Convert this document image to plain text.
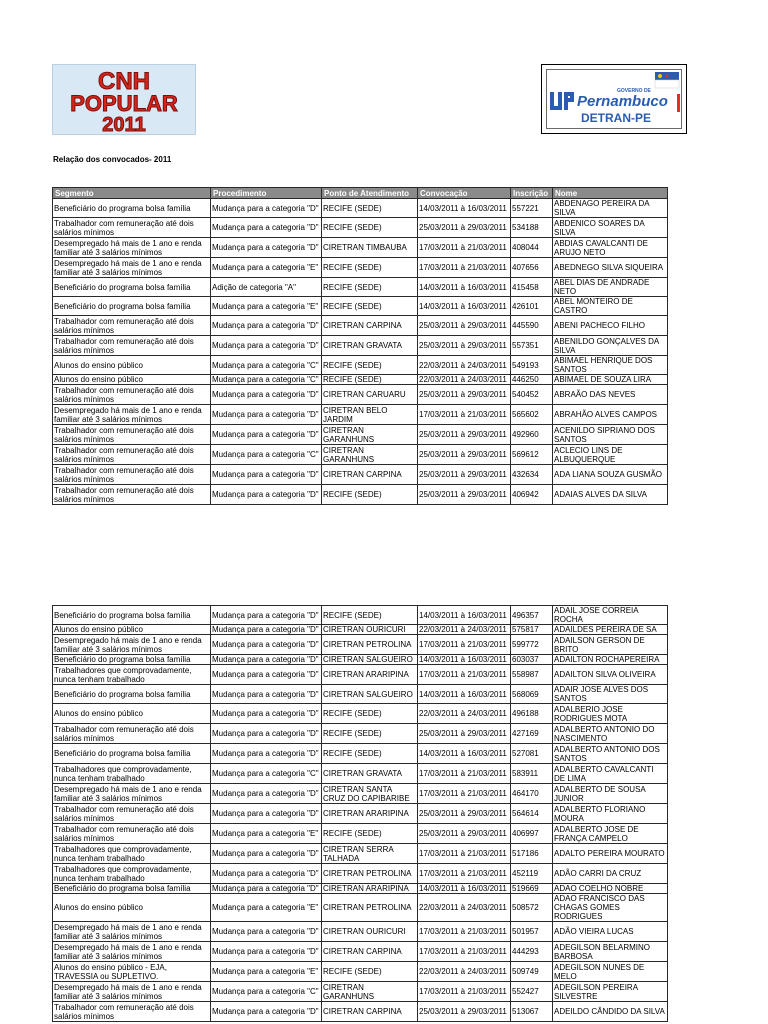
CNH
POPULAR
2011
GOVERNO DE
Pernambuco
DETRAN-PE
Relação dos convocados- 2011
Segmento	Procedimento	Ponto de Atendimento	Convocação	Inscrição	Nome
Beneficiário do programa bolsa família	Mudança para a categoria "D"	RECIFE (SEDE)	14/03/2011 à 16/03/2011	557221	ABDENAGO PEREIRA DA SILVA
Trabalhador com remuneração até dois salários mínimos	Mudança para a categoria "D"	RECIFE (SEDE)	25/03/2011 à 29/03/2011	534188	ABDENICO SOARES DA SILVA
Desempregado há mais de 1 ano e renda familiar até 3 salários mínimos	Mudança para a categoria "D"	CIRETRAN TIMBAUBA	17/03/2011 à 21/03/2011	408044	ABDIAS CAVALCANTI DE ARUJO NETO
Desempregado há mais de 1 ano e renda familiar até 3 salários mínimos	Mudança para a categoria "E"	RECIFE (SEDE)	17/03/2011 à 21/03/2011	407656	ABEDNEGO SILVA SIQUEIRA
Beneficiário do programa bolsa família	Adição de categoria "A"	RECIFE (SEDE)	14/03/2011 à 16/03/2011	415458	ABEL DIAS DE ANDRADE NETO
Beneficiário do programa bolsa família	Mudança para a categoria "E"	RECIFE (SEDE)	14/03/2011 à 16/03/2011	426101	ABEL MONTEIRO DE CASTRO
Trabalhador com remuneração até dois salários mínimos	Mudança para a categoria "D"	CIRETRAN CARPINA	25/03/2011 à 29/03/2011	445590	ABENI PACHECO FILHO
Trabalhador com remuneração até dois salários mínimos	Mudança para a categoria "D"	CIRETRAN GRAVATA	25/03/2011 à 29/03/2011	557351	ABENILDO GONÇALVES DA SILVA
Alunos do ensino público	Mudança para a categoria "C"	RECIFE (SEDE)	22/03/2011 à 24/03/2011	549193	ABIMAEL HENRIQUE DOS SANTOS
Alunos do ensino público	Mudança para a categoria "C"	RECIFE (SEDE)	22/03/2011 à 24/03/2011	446250	ABIMAEL DE SOUZA LIRA
Trabalhador com remuneração até dois salários mínimos	Mudança para a categoria "D"	CIRETRAN CARUARU	25/03/2011 à 29/03/2011	540452	ABRAÃO DAS NEVES
Desempregado há mais de 1 ano e renda familiar até 3 salários mínimos	Mudança para a categoria "D"	CIRETRAN BELO JARDIM	17/03/2011 à 21/03/2011	565602	ABRAHÃO ALVES CAMPOS
Trabalhador com remuneração até dois salários mínimos	Mudança para a categoria "D"	CIRETRAN GARANHUNS	25/03/2011 à 29/03/2011	492960	ACENILDO SIPRIANO DOS SANTOS
Trabalhador com remuneração até dois salários mínimos	Mudança para a categoria "C"	CIRETRAN GARANHUNS	25/03/2011 à 29/03/2011	569612	ACLECIO LINS DE ALBUQUERQUE
Trabalhador com remuneração até dois salários mínimos	Mudança para a categoria "D"	CIRETRAN CARPINA	25/03/2011 à 29/03/2011	432634	ADA LIANA SOUZA GUSMÃO
Trabalhador com remuneração até dois salários mínimos	Mudança para a categoria "D"	RECIFE (SEDE)	25/03/2011 à 29/03/2011	406942	ADAIAS ALVES DA SILVA
Beneficiário do programa bolsa família	Mudança para a categoria "D"	RECIFE (SEDE)	14/03/2011 à 16/03/2011	496357	ADAIL JOSE CORREIA ROCHA
Alunos do ensino público	Mudança para a categoria "D"	CIRETRAN OURICURI	22/03/2011 à 24/03/2011	575817	ADAILDES PEREIRA DE SA
Desempregado há mais de 1 ano e renda familiar até 3 salários mínimos	Mudança para a categoria "D"	CIRETRAN PETROLINA	17/03/2011 à 21/03/2011	599772	ADAILSON GERSON DE BRITO
Beneficiário do programa bolsa família	Mudança para a categoria "D"	CIRETRAN SALGUEIRO	14/03/2011 à 16/03/2011	603037	ADAILTON ROCHAPEREIRA
Trabalhadores que comprovadamente, nunca tenham trabalhado	Mudança para a categoria "D"	CIRETRAN ARARIPINA	17/03/2011 à 21/03/2011	558987	ADAILTON SILVA OLIVEIRA
Beneficiário do programa bolsa família	Mudança para a categoria "D"	CIRETRAN SALGUEIRO	14/03/2011 à 16/03/2011	568069	ADAIR JOSE ALVES DOS SANTOS
Alunos do ensino público	Mudança para a categoria "D"	RECIFE (SEDE)	22/03/2011 à 24/03/2011	496188	ADALBERIO JOSE RODRIGUES MOTA
Trabalhador com remuneração até dois salários mínimos	Mudança para a categoria "D"	RECIFE (SEDE)	25/03/2011 à 29/03/2011	427169	ADALBERTO ANTONIO DO NASCIMENTO
Beneficiário do programa bolsa família	Mudança para a categoria "D"	RECIFE (SEDE)	14/03/2011 à 16/03/2011	527081	ADALBERTO ANTONIO DOS SANTOS
Trabalhadores que comprovadamente, nunca tenham trabalhado	Mudança para a categoria "C"	CIRETRAN GRAVATA	17/03/2011 à 21/03/2011	583911	ADALBERTO CAVALCANTI DE LIMA
Desempregado há mais de 1 ano e renda familiar até 3 salários mínimos	Mudança para a categoria "D"	CIRETRAN SANTA CRUZ DO CAPIBARIBE	17/03/2011 à 21/03/2011	464170	ADALBERTO DE SOUSA JUNIOR
Trabalhador com remuneração até dois salários mínimos	Mudança para a categoria "D"	CIRETRAN ARARIPINA	25/03/2011 à 29/03/2011	564614	ADALBERTO FLORIANO MOURA
Trabalhador com remuneração até dois salários mínimos	Mudança para a categoria "E"	RECIFE (SEDE)	25/03/2011 à 29/03/2011	406997	ADALBERTO JOSE DE FRANÇA CAMPELO
Trabalhadores que comprovadamente, nunca tenham trabalhado	Mudança para a categoria "D"	CIRETRAN SERRA TALHADA	17/03/2011 à 21/03/2011	517186	ADALTO PEREIRA MOURATO
Trabalhadores que comprovadamente, nunca tenham trabalhado	Mudança para a categoria "D"	CIRETRAN PETROLINA	17/03/2011 à 21/03/2011	452119	ADÃO CARRI DA CRUZ
Beneficiário do programa bolsa família	Mudança para a categoria "D"	CIRETRAN ARARIPINA	14/03/2011 à 16/03/2011	519669	ADAO COELHO NOBRE
Alunos do ensino público	Mudança para a categoria "E"	CIRETRAN PETROLINA	22/03/2011 à 24/03/2011	508572	ADAO FRANCISCO DAS CHAGAS GOMES RODRIGUES
Desempregado há mais de 1 ano e renda familiar até 3 salários mínimos	Mudança para a categoria "D"	CIRETRAN OURICURI	17/03/2011 à 21/03/2011	501957	ADÃO VIEIRA LUCAS
Desempregado há mais de 1 ano e renda familiar até 3 salários mínimos	Mudança para a categoria "D"	CIRETRAN CARPINA	17/03/2011 à 21/03/2011	444293	ADEGILSON BELARMINO BARBOSA
Alunos do ensino público - EJA, TRAVESSIA ou SUPLETIVO.	Mudança para a categoria "E"	RECIFE (SEDE)	22/03/2011 à 24/03/2011	509749	ADEGILSON NUNES DE MELO
Desempregado há mais de 1 ano e renda familiar até 3 salários mínimos	Mudança para a categoria "C"	CIRETRAN GARANHUNS	17/03/2011 à 21/03/2011	552427	ADEGILSON PEREIRA SILVESTRE
Trabalhador com remuneração até dois salários mínimos	Mudança para a categoria "D"	CIRETRAN CARPINA	25/03/2011 à 29/03/2011	513067	ADEILDO CÂNDIDO DA SILVA
